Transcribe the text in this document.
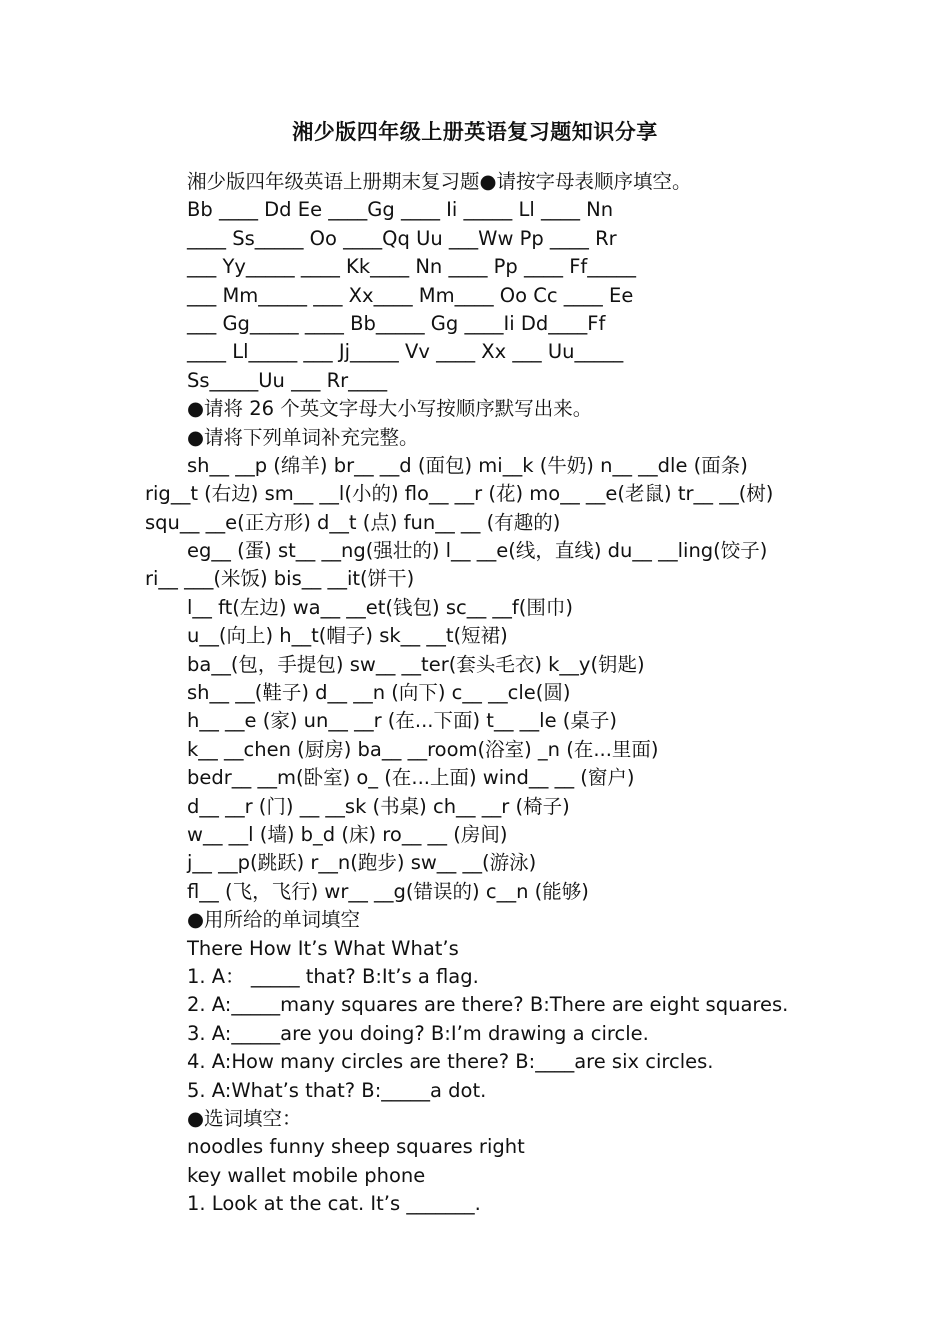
湘少版四年级上册英语复习题知识分享
湘少版四年级英语上册期末复习题●请按字母表顺序填空。
Bb ____ Dd Ee ____Gg ____ Ii _____ Ll ____ Nn
____ Ss_____ Oo ____Qq Uu ___Ww Pp ____ Rr
___ Yy_____ ____ Kk____ Nn ____ Pp ____ Ff_____
___ Mm_____ ___ Xx____ Mm____ Oo Cc ____ Ee
___ Gg_____ ____ Bb_____ Gg ____Ii Dd____Ff
____ Ll_____ ___ Jj_____ Vv ____ Xx ___ Uu_____
Ss_____Uu ___ Rr____
●请将 26 个英文字母大小写按顺序默写出来。
●请将下列单词补充完整。
sh__ __p (绵羊) br__ __d (面包) mi__k (牛奶) n__ __dle (面条)
rig__t (右边) sm__ __l(小的) flo__ __r (花) mo__ __e(老鼠) tr__ __(树)
squ__ __e(正方形) d__t (点) fun__ __ (有趣的)
eg__ (蛋) st__ __ng(强壮的) l__ __e(线，直线) du__ __ling(饺子)
ri__ ___(米饭) bis__ __it(饼干)
l__ ft(左边) wa__ __et(钱包) sc__ __f(围巾)
u__(向上) h__t(帽子) sk__ __t(短裙)
ba__(包，手提包) sw__ __ter(套头毛衣) k__y(钥匙)
sh__ __(鞋子) d__ __n (向下) c__ __cle(圆)
h__ __e (家) un__ __r (在...下面) t__ __le (桌子)
k__ __chen (厨房) ba__ __room(浴室) _n (在...里面)
bedr__ __m(卧室) o_ (在...上面) wind__ __ (窗户)
d__ __r (门) __ __sk (书桌) ch__ __r (椅子)
w__ __l (墙) b_d (床) ro__ __ (房间)
j__ __p(跳跃) r__n(跑步) sw__ __(游泳)
fl__ (飞，飞行) wr__ __g(错误的) c__n (能够)
●用所给的单词填空
There How It’s What What’s
1. A： _____ that? B:It’s a flag.
2. A:_____many squares are there? B:There are eight squares.
3. A:_____are you doing? B:I’m drawing a circle.
4. A:How many circles are there? B:____are six circles.
5. A:What’s that? B:_____a dot.
●选词填空：
noodles funny sheep squares right
key wallet mobile phone
1. Look at the cat. It’s _______.
